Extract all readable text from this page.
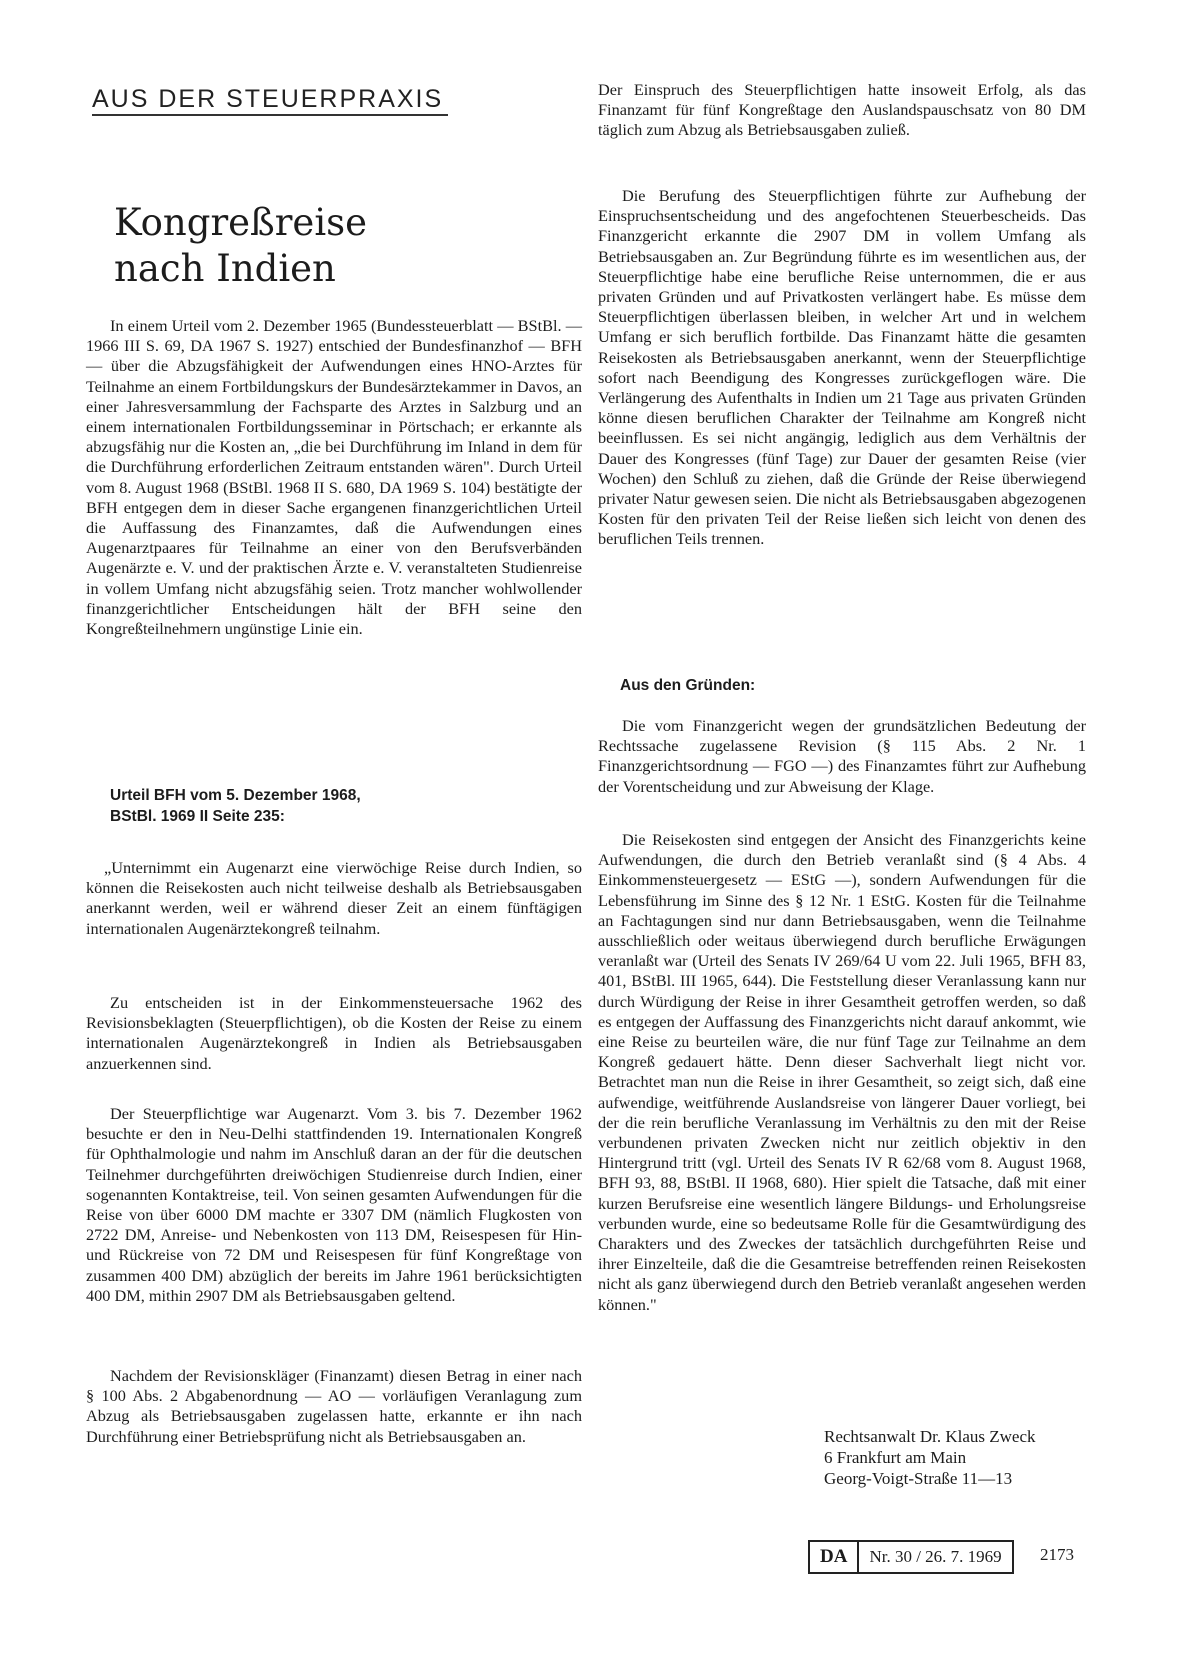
AUS DER STEUERPRAXIS
Kongreßreise
nach Indien

In einem Urteil vom 2. Dezember 1965 (Bundessteuerblatt — BStBl. — 1966 III S. 69, DA 1967 S. 1927) entschied der Bundesfinanzhof — BFH — über die Abzugsfähigkeit der Aufwendungen eines HNO-Arztes für Teilnahme an einem Fortbildungskurs der Bundesärztekammer in Davos, an einer Jahresversammlung der Fachsparte des Arztes in Salzburg und an einem internationalen Fortbildungsseminar in Pörtschach; er erkannte als abzugsfähig nur die Kosten an, „die bei Durchführung im Inland in dem für die Durchführung erforderlichen Zeitraum entstanden wären". Durch Urteil vom 8. August 1968 (BStBl. 1968 II S. 680, DA 1969 S. 104) bestätigte der BFH entgegen dem in dieser Sache ergangenen finanzgerichtlichen Urteil die Auffassung des Finanzamtes, daß die Aufwendungen eines Augenarztpaares für Teilnahme an einer von den Berufsverbänden Augenärzte e. V. und der praktischen Ärzte e. V. veranstalteten Studienreise in vollem Umfang nicht abzugsfähig seien. Trotz mancher wohlwollender finanzgerichtlicher Entscheidungen hält der BFH seine den Kongreßteilnehmern ungünstige Linie ein.

Urteil BFH vom 5. Dezember 1968,
BStBl. 1969 II Seite 235:

„Unternimmt ein Augenarzt eine vierwöchige Reise durch Indien, so können die Reisekosten auch nicht teilweise deshalb als Betriebsausgaben anerkannt werden, weil er während dieser Zeit an einem fünftägigen internationalen Augenärztekongreß teilnahm.

Zu entscheiden ist in der Einkommensteuersache 1962 des Revisionsbeklagten (Steuerpflichtigen), ob die Kosten der Reise zu einem internationalen Augenärztekongreß in Indien als Betriebsausgaben anzuerkennen sind.

Der Steuerpflichtige war Augenarzt. Vom 3. bis 7. Dezember 1962 besuchte er den in Neu-Delhi stattfindenden 19. Internationalen Kongreß für Ophthalmologie und nahm im Anschluß daran an der für die deutschen Teilnehmer durchgeführten dreiwöchigen Studienreise durch Indien, einer sogenannten Kontaktreise, teil. Von seinen gesamten Aufwendungen für die Reise von über 6000 DM machte er 3307 DM (nämlich Flugkosten von 2722 DM, Anreise- und Nebenkosten von 113 DM, Reisespesen für Hin- und Rückreise von 72 DM und Reisespesen für fünf Kongreßtage von zusammen 400 DM) abzüglich der bereits im Jahre 1961 berücksichtigten 400 DM, mithin 2907 DM als Betriebsausgaben geltend.

Nachdem der Revisionskläger (Finanzamt) diesen Betrag in einer nach § 100 Abs. 2 Abgabenordnung — AO — vorläufigen Veranlagung zum Abzug als Betriebsausgaben zugelassen hatte, erkannte er ihn nach Durchführung einer Betriebsprüfung nicht als Betriebsausgaben an.

Der Einspruch des Steuerpflichtigen hatte insoweit Erfolg, als das Finanzamt für fünf Kongreßtage den Auslandspauschsatz von 80 DM täglich zum Abzug als Betriebsausgaben zuließ.

Die Berufung des Steuerpflichtigen führte zur Aufhebung der Einspruchsentscheidung und des angefochtenen Steuerbescheids. Das Finanzgericht erkannte die 2907 DM in vollem Umfang als Betriebsausgaben an. Zur Begründung führte es im wesentlichen aus, der Steuerpflichtige habe eine berufliche Reise unternommen, die er aus privaten Gründen und auf Privatkosten verlängert habe. Es müsse dem Steuerpflichtigen überlassen bleiben, in welcher Art und in welchem Umfang er sich beruflich fortbilde. Das Finanzamt hätte die gesamten Reisekosten als Betriebsausgaben anerkannt, wenn der Steuerpflichtige sofort nach Beendigung des Kongresses zurückgeflogen wäre. Die Verlängerung des Aufenthalts in Indien um 21 Tage aus privaten Gründen könne diesen beruflichen Charakter der Teilnahme am Kongreß nicht beeinflussen. Es sei nicht angängig, lediglich aus dem Verhältnis der Dauer des Kongresses (fünf Tage) zur Dauer der gesamten Reise (vier Wochen) den Schluß zu ziehen, daß die Gründe der Reise überwiegend privater Natur gewesen seien. Die nicht als Betriebsausgaben abgezogenen Kosten für den privaten Teil der Reise ließen sich leicht von denen des beruflichen Teils trennen.

Aus den Gründen:

Die vom Finanzgericht wegen der grundsätzlichen Bedeutung der Rechtssache zugelassene Revision (§ 115 Abs. 2 Nr. 1 Finanzgerichtsordnung — FGO —) des Finanzamtes führt zur Aufhebung der Vorentscheidung und zur Abweisung der Klage.

Die Reisekosten sind entgegen der Ansicht des Finanzgerichts keine Aufwendungen, die durch den Betrieb veranlaßt sind (§ 4 Abs. 4 Einkommensteuergesetz — EStG —), sondern Aufwendungen für die Lebensführung im Sinne des § 12 Nr. 1 EStG. Kosten für die Teilnahme an Fachtagungen sind nur dann Betriebsausgaben, wenn die Teilnahme ausschließlich oder weitaus überwiegend durch berufliche Erwägungen veranlaßt war (Urteil des Senats IV 269/64 U vom 22. Juli 1965, BFH 83, 401, BStBl. III 1965, 644). Die Feststellung dieser Veranlassung kann nur durch Würdigung der Reise in ihrer Gesamtheit getroffen werden, so daß es entgegen der Auffassung des Finanzgerichts nicht darauf ankommt, wie eine Reise zu beurteilen wäre, die nur fünf Tage zur Teilnahme an dem Kongreß gedauert hätte. Denn dieser Sachverhalt liegt nicht vor. Betrachtet man nun die Reise in ihrer Gesamtheit, so zeigt sich, daß eine aufwendige, weitführende Auslandsreise von längerer Dauer vorliegt, bei der die rein berufliche Veranlassung im Verhältnis zu den mit der Reise verbundenen privaten Zwecken nicht nur zeitlich objektiv in den Hintergrund tritt (vgl. Urteil des Senats IV R 62/68 vom 8. August 1968, BFH 93, 88, BStBl. II 1968, 680). Hier spielt die Tatsache, daß mit einer kurzen Berufsreise eine wesentlich längere Bildungs- und Erholungsreise verbunden wurde, eine so bedeutsame Rolle für die Gesamtwürdigung des Charakters und des Zweckes der tatsächlich durchgeführten Reise und ihrer Einzelteile, daß die die Gesamtreise betreffenden reinen Reisekosten nicht als ganz überwiegend durch den Betrieb veranlaßt angesehen werden können."

Rechtsanwalt Dr. Klaus Zweck
6 Frankfurt am Main
Georg-Voigt-Straße 11—13
DA	Nr. 30 / 26. 7. 1969	2173
